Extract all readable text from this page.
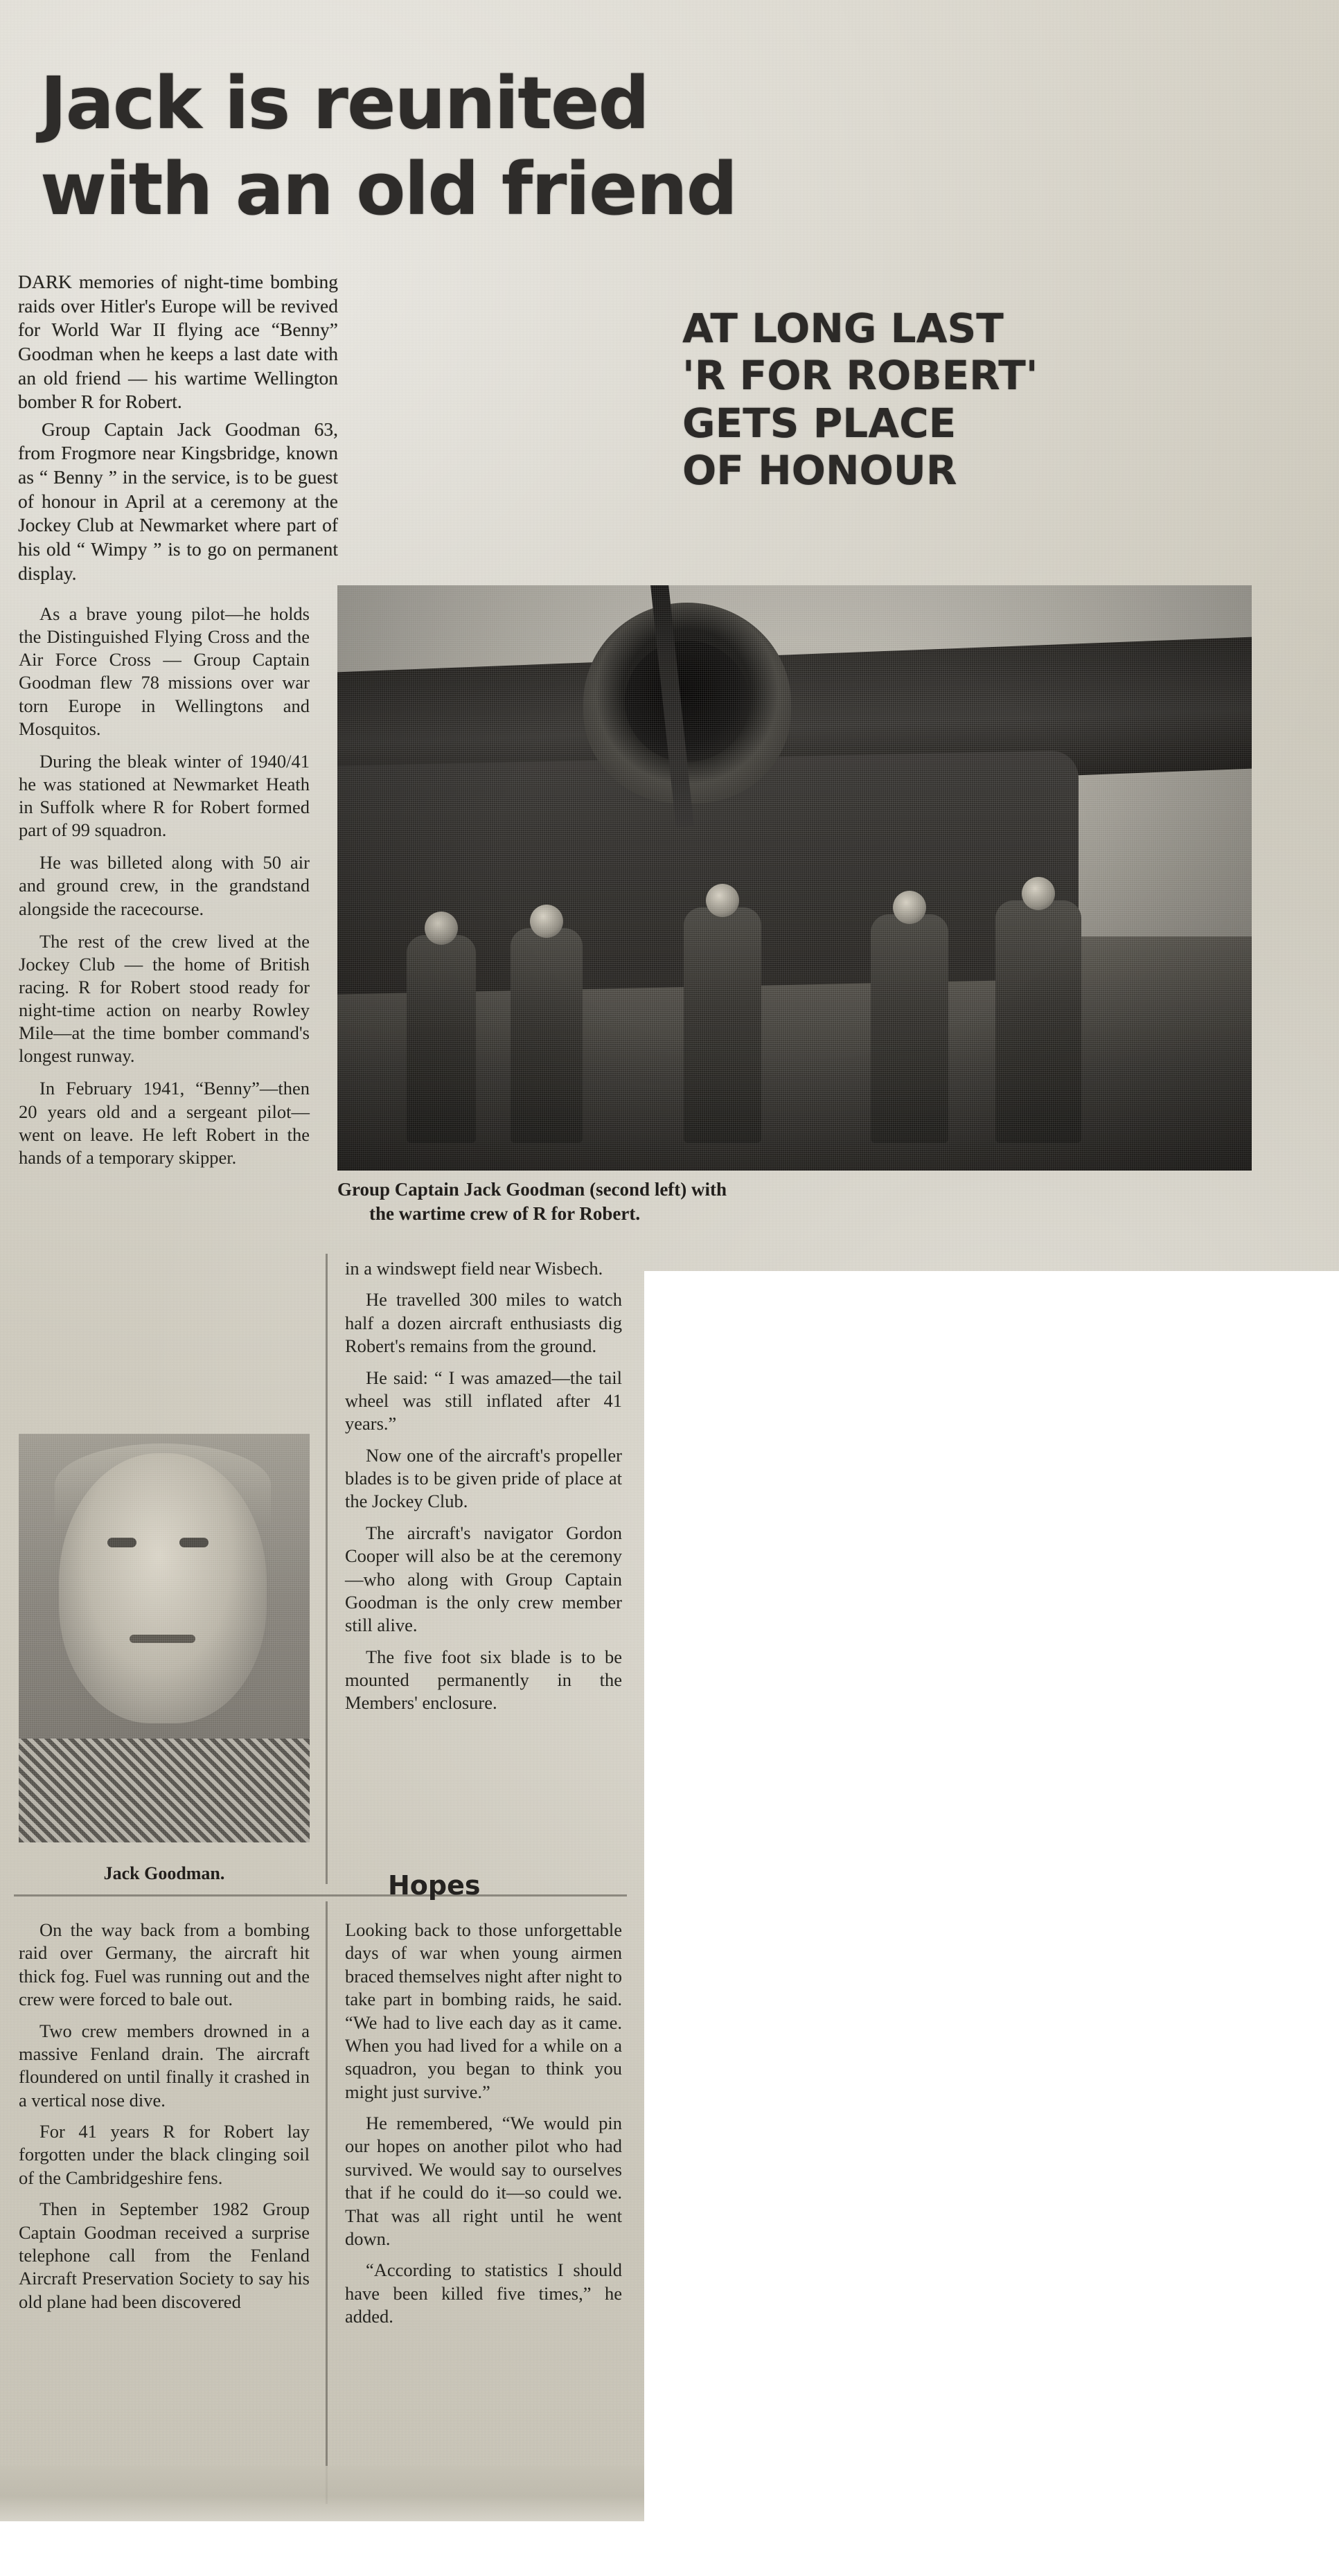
Jack is reunited
with an old friend

DARK memories of night-time bombing raids over Hitler's Europe will be revived for World War II flying ace “Benny” Goodman when he keeps a last date with an old friend — his wartime Wellington bomber R for Robert.

Group Captain Jack Goodman 63, from Frogmore near Kingsbridge, known as “ Benny ” in the service, is to be guest of honour in April at a ceremony at the Jockey Club at Newmarket where part of his old “ Wimpy ” is to go on permanent display.

AT LONG LAST
'R FOR ROBERT'
GETS PLACE
OF HONOUR
Group Captain Jack Goodman (second left) with
the wartime crew of R for Robert.

As a brave young pilot—he holds the Distinguished Flying Cross and the Air Force Cross — Group Captain Goodman flew 78 missions over war torn Europe in Wellingtons and Mosquitos.

During the bleak winter of 1940/41 he was stationed at Newmarket Heath in Suffolk where R for Robert formed part of 99 squadron.

He was billeted along with 50 air and ground crew, in the grandstand alongside the racecourse.

The rest of the crew lived at the Jockey Club — the home of British racing. R for Robert stood ready for night-time action on nearby Rowley Mile—at the time bomber command's longest runway.

In February 1941, “Benny”—then 20 years old and a sergeant pilot—went on leave. He left Robert in the hands of a temporary skipper.

Jack Goodman.

in a windswept field near Wisbech.

He travelled 300 miles to watch half a dozen aircraft enthusiasts dig Robert's remains from the ground.

He said: “ I was amazed—the tail wheel was still inflated after 41 years.”

Now one of the aircraft's propeller blades is to be given pride of place at the Jockey Club.

The aircraft's navigator Gordon Cooper will also be at the ceremony—who along with Group Captain Goodman is the only crew member still alive.

The five foot six blade is to be mounted permanently in the Members' enclosure.

On the way back from a bombing raid over Germany, the aircraft hit thick fog. Fuel was running out and the crew were forced to bale out.

Two crew members drowned in a massive Fenland drain. The aircraft floundered on until finally it crashed in a vertical nose dive.

For 41 years R for Robert lay forgotten under the black clinging soil of the Cambridgeshire fens.

Then in September 1982 Group Captain Goodman received a surprise telephone call from the Fenland Aircraft Preservation Society to say his old plane had been discovered

Hopes

Looking back to those unforgettable days of war when young airmen braced themselves night after night to take part in bombing raids, he said. “We had to live each day as it came. When you had lived for a while on a squadron, you began to think you might just survive.”

He remembered, “We would pin our hopes on another pilot who had survived. We would say to ourselves that if he could do it—so could we. That was all right until he went down.

“According to statistics I should have been killed five times,” he added.
